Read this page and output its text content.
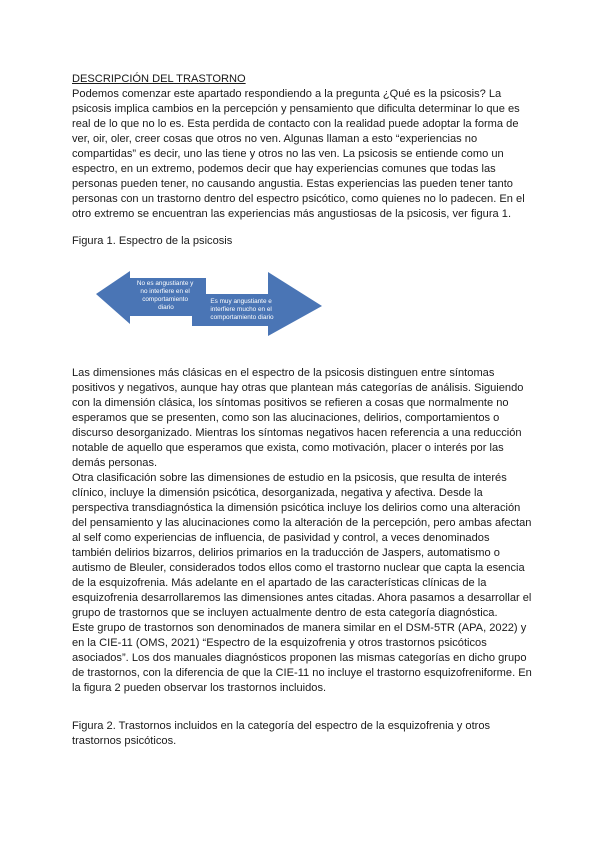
DESCRIPCIÓN DEL TRASTORNO

Podemos comenzar este apartado respondiendo a la pregunta ¿Qué es la psicosis? La psicosis implica cambios en la percepción y pensamiento que dificulta determinar lo que es real de lo que no lo es. Esta perdida de contacto con la realidad puede adoptar la forma de ver, oir, oler, creer cosas que otros no ven. Algunas llaman a esto “experiencias no compartidas” es decir, uno las tiene y otros no las ven. La psicosis se entiende como un espectro, en un extremo, podemos decir que hay experiencias comunes que todas las personas pueden tener, no causando angustia. Estas experiencias las pueden tener tanto personas con un trastorno dentro del espectro psicótico, como quienes no lo padecen. En el otro extremo se encuentran las experiencias más angustiosas de la psicosis, ver figura 1.

Figura 1. Espectro de la psicosis

No es angustiante y no interfiere en el comportamiento diario
Es muy angustiante e interfiere mucho en el comportamiento diario

Las dimensiones más clásicas en el espectro de la psicosis distinguen entre síntomas positivos y negativos, aunque hay otras que plantean más categorías de análisis. Siguiendo con la dimensión clásica, los síntomas positivos se refieren a cosas que normalmente no esperamos que se presenten, como son las alucinaciones, delirios, comportamientos o discurso desorganizado. Mientras los síntomas negativos hacen referencia a una reducción notable de aquello que esperamos que exista, como motivación, placer o interés por las demás personas.

Otra clasificación sobre las dimensiones de estudio en la psicosis, que resulta de interés clínico, incluye la dimensión psicótica, desorganizada, negativa y afectiva. Desde la perspectiva transdiagnóstica la dimensión psicótica incluye los delirios como una alteración del pensamiento y las alucinaciones como la alteración de la percepción, pero ambas afectan al self como experiencias de influencia, de pasividad y control, a veces denominados también delirios bizarros, delirios primarios en la traducción de Jaspers, automatismo o autismo de Bleuler, considerados todos ellos como el trastorno nuclear que capta la esencia de la esquizofrenia. Más adelante en el apartado de las características clínicas de la esquizofrenia desarrollaremos las dimensiones antes citadas. Ahora pasamos a desarrollar el grupo de trastornos que se incluyen actualmente dentro de esta categoría diagnóstica.

Este grupo de trastornos son denominados de manera similar en el DSM-5TR (APA, 2022) y en la CIE-11 (OMS, 2021) “Espectro de la esquizofrenia y otros trastornos psicóticos asociados”. Los dos manuales diagnósticos proponen las mismas categorías en dicho grupo de trastornos, con la diferencia de que la CIE-11 no incluye el trastorno esquizofreniforme. En la figura 2 pueden observar los trastornos incluidos.

Figura 2. Trastornos incluidos en la categoría del espectro de la esquizofrenia y otros trastornos psicóticos.
